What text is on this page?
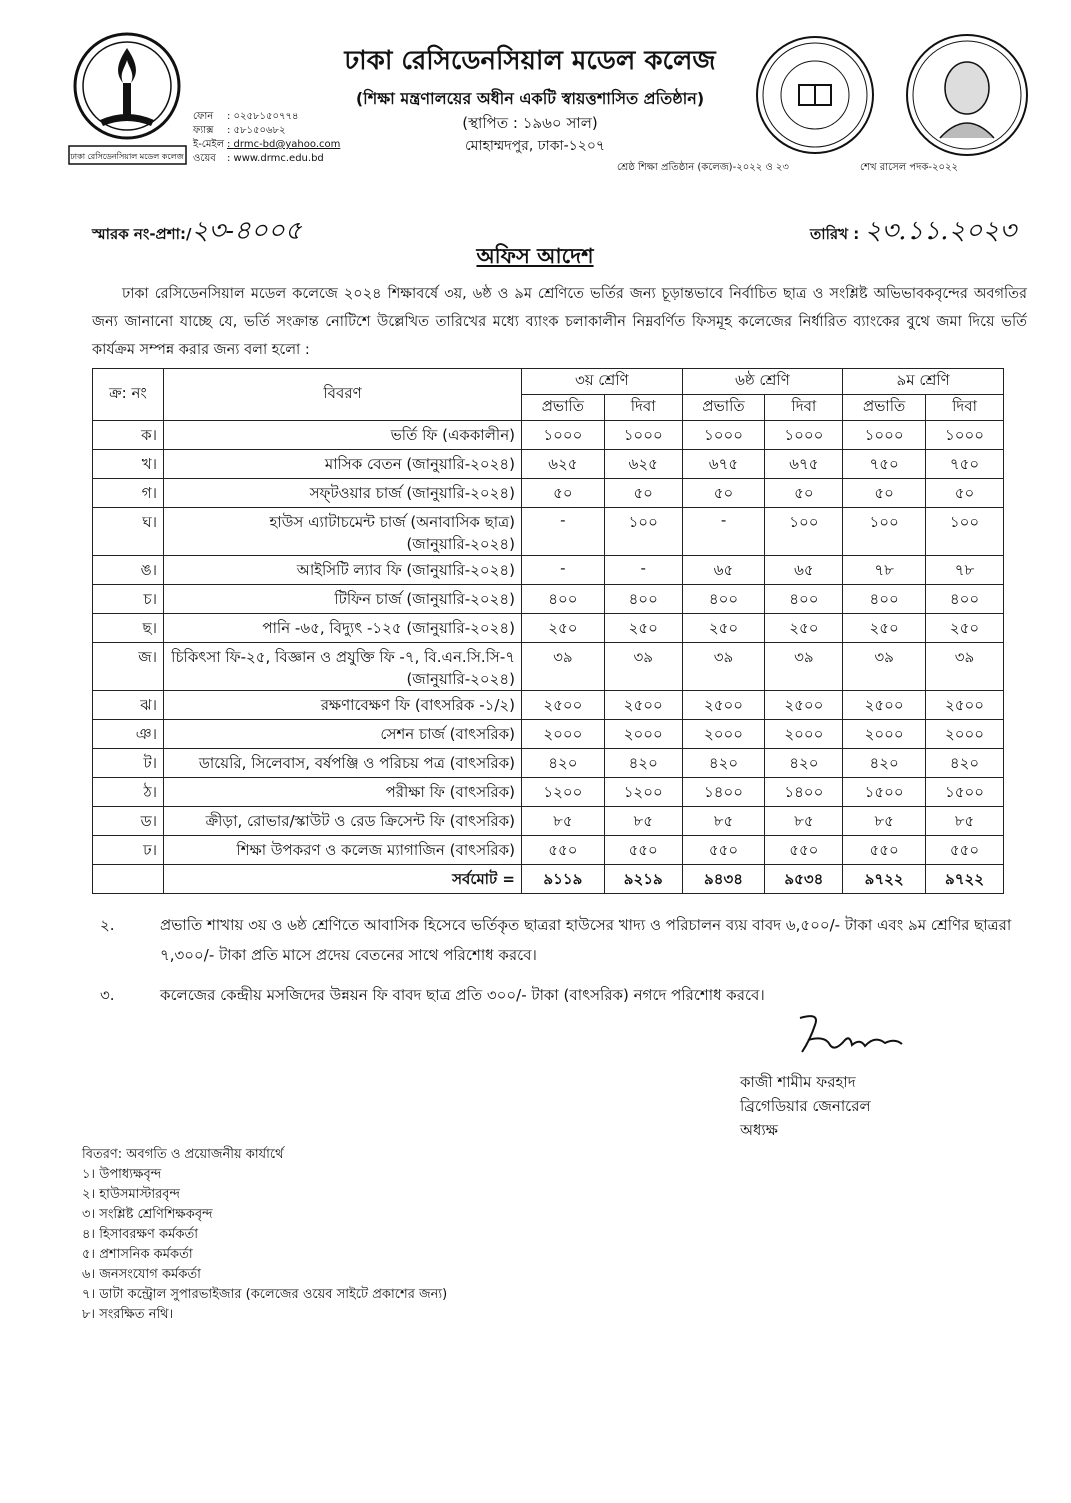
ঢাকা রেসিডেনসিয়াল মডেল কলেজ
ঢাকা রেসিডেনসিয়াল মডেল কলেজ
(শিক্ষা মন্ত্রণালয়ের অধীন একটি স্বায়ত্তশাসিত প্রতিষ্ঠান)
(স্থাপিত : ১৯৬০ সাল)
মোহাম্মদপুর, ঢাকা-১২০৭
ফোন : ০২৫৮১৫০৭৭৪
ফ্যাক্স : ৫৮১৫০৬৮২
ই-মেইল : drmc-bd@yahoo.com
ওয়েব : www.drmc.edu.bd
শ্রেষ্ঠ শিক্ষা প্রতিষ্ঠান (কলেজ)-২০২২ ও ২৩	শেখ রাসেল পদক-২০২২
স্মারক নং-প্রশা:/২৩-৪০০৫	তারিখ : ২৩.১১.২০২৩
অফিস আদেশ
ঢাকা রেসিডেনসিয়াল মডেল কলেজে ২০২৪ শিক্ষাবর্ষে ৩য়, ৬ষ্ঠ ও ৯ম শ্রেণিতে ভর্তির জন্য চূড়ান্তভাবে নির্বাচিত ছাত্র ও সংশ্লিষ্ট অভিভাবকবৃন্দের অবগতির জন্য জানানো যাচ্ছে যে, ভর্তি সংক্রান্ত নোটিশে উল্লেখিত তারিখের মধ্যে ব্যাংক চলাকালীন নিম্নবর্ণিত ফিসমূহ কলেজের নির্ধারিত ব্যাংকের বুথে জমা দিয়ে ভর্তি কার্যক্রম সম্পন্ন করার জন্য বলা হলো :
ক্র: নং	বিবরণ	৩য় শ্রেণি		৬ষ্ঠ শ্রেণি		৯ম শ্রেণি	
		প্রভাতি	দিবা	প্রভাতি	দিবা	প্রভাতি	দিবা
ক।	ভর্তি ফি (এককালীন)	১০০০	১০০০	১০০০	১০০০	১০০০	১০০০
খ।	মাসিক বেতন (জানুয়ারি-২০২৪)	৬২৫	৬২৫	৬৭৫	৬৭৫	৭৫০	৭৫০
গ।	সফ্‌টওয়ার চার্জ (জানুয়ারি-২০২৪)	৫০	৫০	৫০	৫০	৫০	৫০
ঘ।	হাউস এ্যাটাচমেন্ট চার্জ (অনাবাসিক ছাত্র) (জানুয়ারি-২০২৪)	-	১০০	-	১০০	১০০	১০০
ঙ।	আইসিটি ল্যাব ফি (জানুয়ারি-২০২৪)	-	-	৬৫	৬৫	৭৮	৭৮
চ।	টিফিন চার্জ (জানুয়ারি-২০২৪)	৪০০	৪০০	৪০০	৪০০	৪০০	৪০০
ছ।	পানি -৬৫, বিদ্যুৎ -১২৫ (জানুয়ারি-২০২৪)	২৫০	২৫০	২৫০	২৫০	২৫০	২৫০
জ।	চিকিৎসা ফি-২৫, বিজ্ঞান ও প্রযুক্তি ফি -৭, বি.এন.সি.সি-৭ (জানুয়ারি-২০২৪)	৩৯	৩৯	৩৯	৩৯	৩৯	৩৯
ঝ।	রক্ষণাবেক্ষণ ফি (বাৎসরিক -১/২)	২৫০০	২৫০০	২৫০০	২৫০০	২৫০০	২৫০০
ঞ।	সেশন চার্জ (বাৎসরিক)	২০০০	২০০০	২০০০	২০০০	২০০০	২০০০
ট।	ডায়েরি, সিলেবাস, বর্ষপঞ্জি ও পরিচয় পত্র (বাৎসরিক)	৪২০	৪২০	৪২০	৪২০	৪২০	৪২০
ঠ।	পরীক্ষা ফি (বাৎসরিক)	১২০০	১২০০	১৪০০	১৪০০	১৫০০	১৫০০
ড।	ক্রীড়া, রোভার/স্কাউট ও রেড ক্রিসেন্ট ফি (বাৎসরিক)	৮৫	৮৫	৮৫	৮৫	৮৫	৮৫
ঢ।	শিক্ষা উপকরণ ও কলেজ ম্যাগাজিন (বাৎসরিক)	৫৫০	৫৫০	৫৫০	৫৫০	৫৫০	৫৫০
	সর্বমোট =	৯১১৯	৯২১৯	৯৪৩৪	৯৫৩৪	৯৭২২	৯৭২২
২.	প্রভাতি শাখায় ৩য় ও ৬ষ্ঠ শ্রেণিতে আবাসিক হিসেবে ভর্তিকৃত ছাত্ররা হাউসের খাদ্য ও পরিচালন ব্যয় বাবদ ৬,৫০০/- টাকা এবং ৯ম শ্রেণির ছাত্ররা ৭,৩০০/- টাকা প্রতি মাসে প্রদেয় বেতনের সাথে পরিশোধ করবে।
৩.	কলেজের কেন্দ্রীয় মসজিদের উন্নয়ন ফি বাবদ ছাত্র প্রতি ৩০০/- টাকা (বাৎসরিক) নগদে পরিশোধ করবে।
কাজী শামীম ফরহাদ
ব্রিগেডিয়ার জেনারেল
অধ্যক্ষ
বিতরণ: অবগতি ও প্রয়োজনীয় কার্যার্থে
১। উপাধ্যক্ষবৃন্দ
২। হাউসমাস্টারবৃন্দ
৩। সংশ্লিষ্ট শ্রেণিশিক্ষকবৃন্দ
৪। হিসাবরক্ষণ কর্মকর্তা
৫। প্রশাসনিক কর্মকর্তা
৬। জনসংযোগ কর্মকর্তা
৭। ডাটা কন্ট্রোল সুপারভাইজার (কলেজের ওয়েব সাইটে প্রকাশের জন্য)
৮। সংরক্ষিত নথি।
